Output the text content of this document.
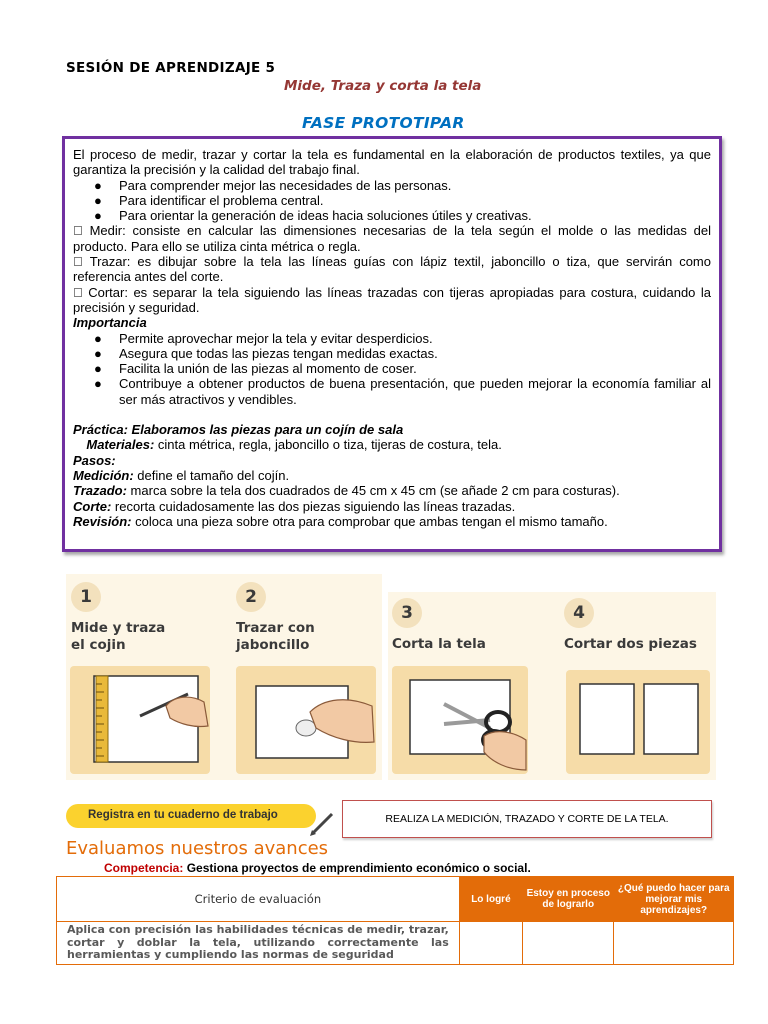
SESIÓN DE APRENDIZAJE 5
Mide, Traza y corta la tela
FASE PROTOTIPAR

El proceso de medir, trazar y cortar la tela es fundamental en la elaboración de productos textiles, ya que garantiza la precisión y la calidad del trabajo final.

● Para comprender mejor las necesidades de las personas.
● Para identificar el problema central.
● Para orientar la generación de ideas hacia soluciones útiles y creativas.

Medir: consiste en calcular las dimensiones necesarias de la tela según el molde o las medidas del producto. Para ello se utiliza cinta métrica o regla.

Trazar: es dibujar sobre la tela las líneas guías con lápiz textil, jaboncillo o tiza, que servirán como referencia antes del corte.

Cortar: es separar la tela siguiendo las líneas trazadas con tijeras apropiadas para costura, cuidando la precisión y seguridad.

Importancia

● Permite aprovechar mejor la tela y evitar desperdicios.
● Asegura que todas las piezas tengan medidas exactas.
● Facilita la unión de las piezas al momento de coser.
● Contribuye a obtener productos de buena presentación, que pueden mejorar la economía familiar al ser más atractivos y vendibles.

Práctica: Elaboramos las piezas para un cojín de sala

Materiales: cinta métrica, regla, jaboncillo o tiza, tijeras de costura, tela.

Pasos:

Medición: define el tamaño del cojín.

Trazado: marca sobre la tela dos cuadrados de 45 cm x 45 cm (se añade 2 cm para costuras).

Corte: recorta cuidadosamente las dos piezas siguiendo las líneas trazadas.

Revisión: coloca una pieza sobre otra para comprobar que ambas tengan el mismo tamaño.

1
Mide y traza
el cojin
2
Trazar con
jaboncillo
3
Corta la tela
4
Cortar dos piezas
Registra en tu cuaderno de trabajo	REALIZA LA MEDICIÓN, TRAZADO Y CORTE DE LA TELA.
Evaluamos nuestros avances
Competencia: Gestiona proyectos de emprendimiento económico o social.
Criterio de evaluación	Lo logré	Estoy en proceso de lograrlo	¿Qué puedo hacer para mejorar mis aprendizajes?
Aplica con precisión las habilidades técnicas de medir, trazar, cortar y doblar la tela, utilizando correctamente las herramientas y cumpliendo las normas de seguridad			
